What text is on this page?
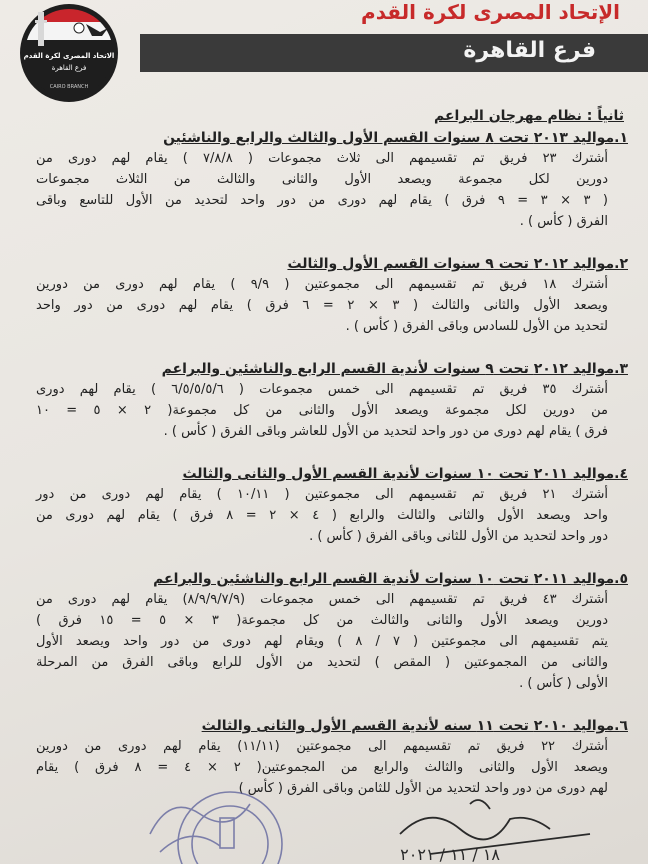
الاتحاد المصرى لكرة القدم
فرع القاهرة
CAIRO BRANCH
الإتحاد المصرى لكرة القدم
فرع القاهرة
ثانياً : نظام مهرجان البراعم
١.مواليد ٢٠١٣ تحت ٨ سنوات القسم الأول والثالث والرابع والناشئين
أشترك ٢٣ فريق تم تقسيمهم الى ثلاث مجموعات ( ٧/٨/٨ ) يقام لهم دورى من
دورين لكل مجموعة ويصعد الأول والثانى والثالث من الثلاث مجموعات
( ٣ × ٣ = ٩ فرق ) يقام لهم دورى من دور واحد لتحديد من الأول للتاسع وباقى
الفرق ( كأس ) .
٢.مواليد ٢٠١٢ تحت ٩ سنوات القسم الأول والثالث
أشترك ١٨ فريق تم تقسيمهم الى مجموعتين ( ٩/٩ ) يقام لهم دورى من دورين
ويصعد الأول والثانى والثالث ( ٣ × ٢ = ٦ فرق ) يقام لهم دورى من دور واحد
لتحديد من الأول للسادس وباقى الفرق ( كأس ) .
٣.مواليد ٢٠١٢ تحت ٩ سنوات لأندية القسم الرابع والناشئين والبراعم
أشترك ٣٥ فريق تم تقسيمهم الى خمس مجموعات ( ٦/٥/٥/٥/٦ ) يقام لهم دورى
من دورين لكل مجموعة ويصعد الأول والثانى من كل مجموعة( ٢ × ٥ = ١٠
فرق ) يقام لهم دورى من دور واحد لتحديد من الأول للعاشر وباقى الفرق ( كأس ) .
٤.مواليد ٢٠١١ تحت ١٠ سنوات لأندية القسم الأول والثانى والثالث
أشترك ٢١ فريق تم تقسيمهم الى مجموعتين ( ١٠/١١ ) يقام لهم دورى من دور
واحد ويصعد الأول والثانى والثالث والرابع ( ٤ × ٢ = ٨ فرق ) يقام لهم دورى من
دور واحد لتحديد من الأول للثانى وباقى الفرق ( كأس ) .
٥.مواليد ٢٠١١ تحت ١٠ سنوات لأندية القسم الرابع والناشئين والبراعم
أشترك ٤٣ فريق تم تقسيمهم الى خمس مجموعات (٨/٩/٩/٧/٩) يقام لهم دورى من
دورين ويصعد الأول والثانى والثالث من كل مجموعة( ٣ × ٥ = ١٥ فرق )
يتم تقسيمهم الى مجموعتين ( ٧ / ٨ ) ويقام لهم دورى من دور واحد ويصعد الأول
والثانى من المجموعتين ( المقص ) لتحديد من الأول للرابع وباقى الفرق من المرحلة
الأولى ( كأس ) .
٦.مواليد ٢٠١٠ تحت ١١ سنه لأندية القسم الأول والثانى والثالث
أشترك ٢٢ فريق تم تقسيمهم الى مجموعتين (١١/١١) يقام لهم دورى من دورين
ويصعد الأول والثانى والثالث والرابع من المجموعتين( ٢ × ٤ = ٨ فرق ) يقام
لهم دورى من دور واحد لتحديد من الأول للثامن وباقى الفرق ( كأس )
١٨ / ١١ / ٢٠٢١
